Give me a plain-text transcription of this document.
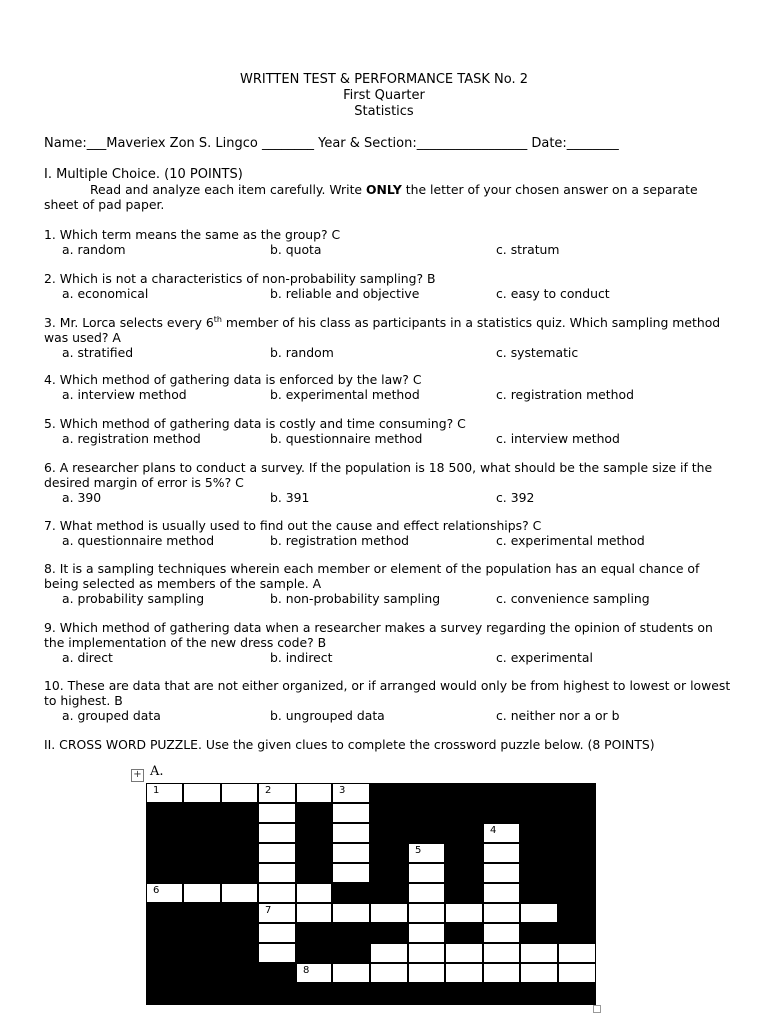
WRITTEN TEST & PERFORMANCE TASK No. 2
First Quarter
Statistics
Name:___Maveriex Zon S. Lingco ________ Year & Section:_________________ Date:________
I. Multiple Choice. (10 POINTS)
Read and analyze each item carefully. Write ONLY the letter of your chosen answer on a separate sheet of pad paper.
1. Which term means the same as the group? C
a. random	b. quota	c. stratum
2. Which is not a characteristics of non-probability sampling? B
a. economical	b. reliable and objective	c. easy to conduct
3. Mr. Lorca selects every 6th member of his class as participants in a statistics quiz. Which sampling method was used? A
a. stratified	b. random	c. systematic
4. Which method of gathering data is enforced by the law? C
a. interview method	b. experimental method	c. registration method
5. Which method of gathering data is costly and time consuming? C
a. registration method	b. questionnaire method	c. interview method
6. A researcher plans to conduct a survey. If the population is 18 500, what should be the sample size if the desired margin of error is 5%? C
a. 390	b. 391	c. 392
7. What method is usually used to find out the cause and effect relationships? C
a. questionnaire method	b. registration method	c. experimental method
8. It is a sampling techniques wherein each member or element of the population has an equal chance of being selected as members of the sample. A
a. probability sampling	b. non-probability sampling	c. convenience sampling
9. Which method of gathering data when a researcher makes a survey regarding the opinion of students on the implementation of the new dress code? B
a. direct	b. indirect	c. experimental
10. These are data that are not either organized, or if arranged would only be from highest to lowest or lowest to highest. B
a. grouped data	b. ungrouped data	c. neither nor a or b
II. CROSS WORD PUZZLE. Use the given clues to complete the crossword puzzle below. (8 POINTS)
+ A.
1	2	3
4
5
6
7
8
